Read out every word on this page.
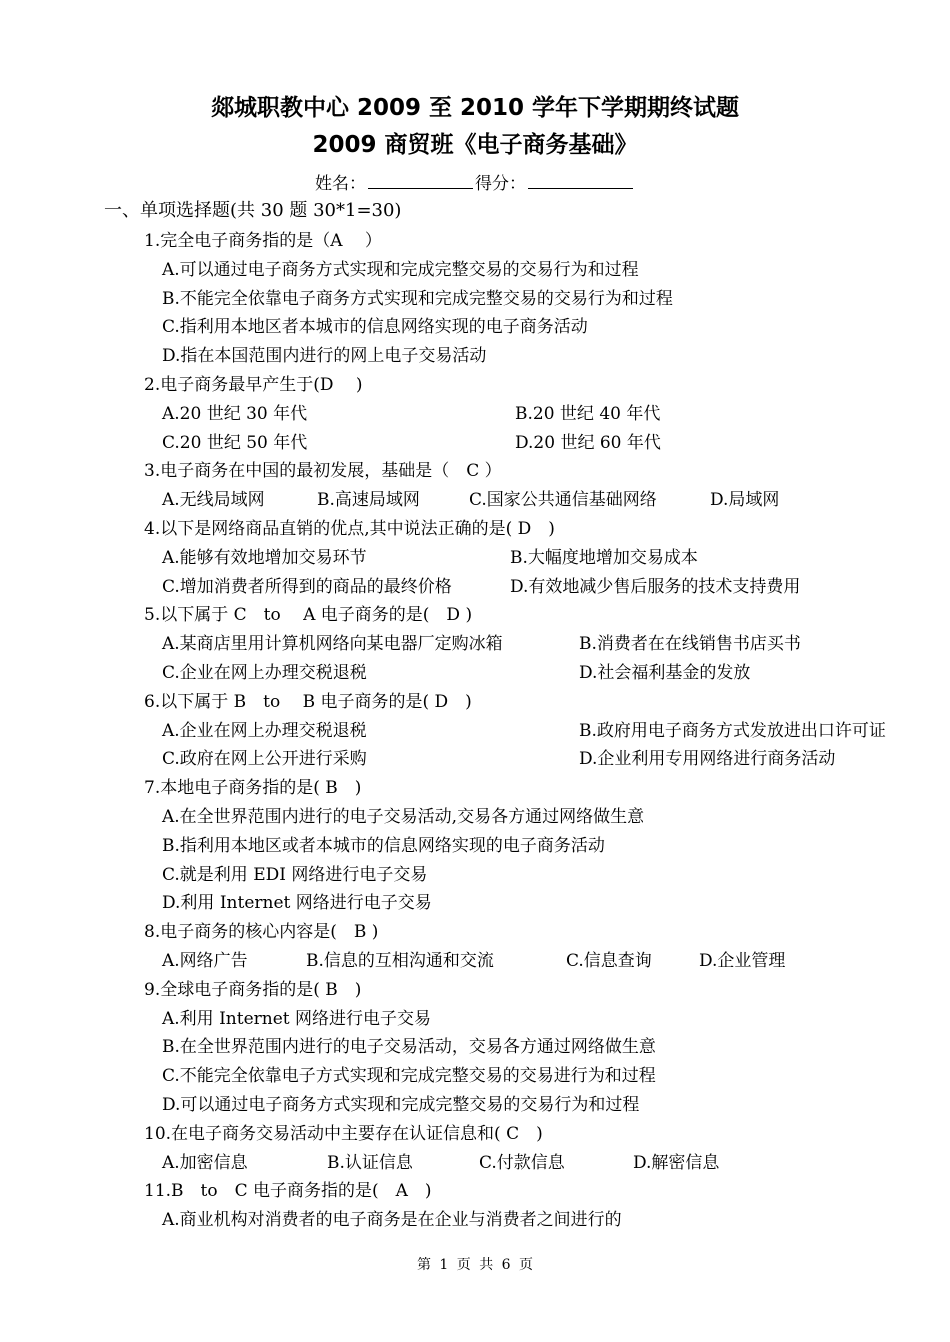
郯城职教中心 2009 至 2010 学年下学期期终试题
2009 商贸班《电子商务基础》
姓名：	得分：
一、单项选择题(共 30 题 30*1=30)
1.完全电子商务指的是（A　 ）
A.可以通过电子商务方式实现和完成完整交易的交易行为和过程
B.不能完全依靠电子商务方式实现和完成完整交易的交易行为和过程
C.指利用本地区者本城市的信息网络实现的电子商务活动
D.指在本国范围内进行的网上电子交易活动
2.电子商务最早产生于(D　 )
A.20 世纪 30 年代	B.20 世纪 40 年代
C.20 世纪 50 年代	D.20 世纪 60 年代
3.电子商务在中国的最初发展，基础是（　C ）
A.无线局域网	B.高速局域网	C.国家公共通信基础网络	D.局域网
4.以下是网络商品直销的优点,其中说法正确的是( D　)
A.能够有效地增加交易环节	B.大幅度地增加交易成本
C.增加消费者所得到的商品的最终价格	D.有效地减少售后服务的技术支持费用
5.以下属于 C　to　 A 电子商务的是(　D )
A.某商店里用计算机网络向某电器厂定购冰箱	B.消费者在在线销售书店买书
C.企业在网上办理交税退税	D.社会福利基金的发放
6.以下属于 B　to　 B 电子商务的是( D　)
A.企业在网上办理交税退税	B.政府用电子商务方式发放进出口许可证
C.政府在网上公开进行采购	D.企业利用专用网络进行商务活动
7.本地电子商务指的是( B　)
A.在全世界范围内进行的电子交易活动,交易各方通过网络做生意
B.指利用本地区或者本城市的信息网络实现的电子商务活动
C.就是利用 EDI 网络进行电子交易
D.利用 Internet 网络进行电子交易
8.电子商务的核心内容是(　B )
A.网络广告	B.信息的互相沟通和交流	C.信息查询	D.企业管理
9.全球电子商务指的是( B　)
A.利用 Internet 网络进行电子交易
B.在全世界范围内进行的电子交易活动，交易各方通过网络做生意
C.不能完全依靠电子方式实现和完成完整交易的交易进行为和过程
D.可以通过电子商务方式实现和完成完整交易的交易行为和过程
10.在电子商务交易活动中主要存在认证信息和( C　)
A.加密信息	B.认证信息	C.付款信息	D.解密信息
11.B　to　C 电子商务指的是(　A　)
A.商业机构对消费者的电子商务是在企业与消费者之间进行的
第 1 页 共 6 页
